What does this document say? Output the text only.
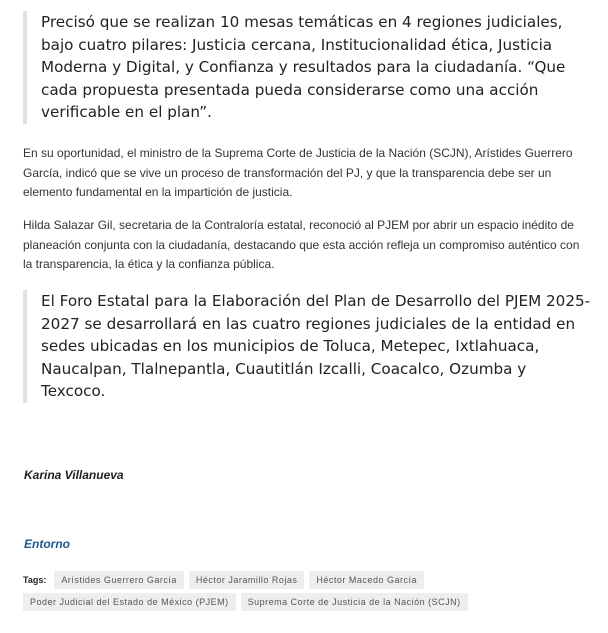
Precisó que se realizan 10 mesas temáticas en 4 regiones judiciales, bajo cuatro pilares: Justicia cercana, Institucionalidad ética, Justicia Moderna y Digital, y Confianza y resultados para la ciudadanía. “Que cada propuesta presentada pueda considerarse como una acción verificable en el plan”.

En su oportunidad, el ministro de la Suprema Corte de Justicia de la Nación (SCJN), Arístides Guerrero García, indicó que se vive un proceso de transformación del PJ, y que la transparencia debe ser un elemento fundamental en la impartición de justicia.

Hilda Salazar Gil, secretaria de la Contraloría estatal, reconoció al PJEM por abrir un espacio inédito de planeación conjunta con la ciudadanía, destacando que esta acción refleja un compromiso auténtico con la transparencia, la ética y la confianza pública.

El Foro Estatal para la Elaboración del Plan de Desarrollo del PJEM 2025-2027 se desarrollará en las cuatro regiones judiciales de la entidad en sedes ubicadas en los municipios de Toluca, Metepec, Ixtlahuaca, Naucalpan, Tlalnepantla, Cuautitlán Izcalli, Coacalco, Ozumba y Texcoco.

Karina Villanueva

Entorno
Tags:	Arístides Guerrero García	Héctor Jaramillo Rojas	Héctor Macedo García
Poder Judicial del Estado de México (PJEM)	Suprema Corte de Justicia de la Nación (SCJN)
